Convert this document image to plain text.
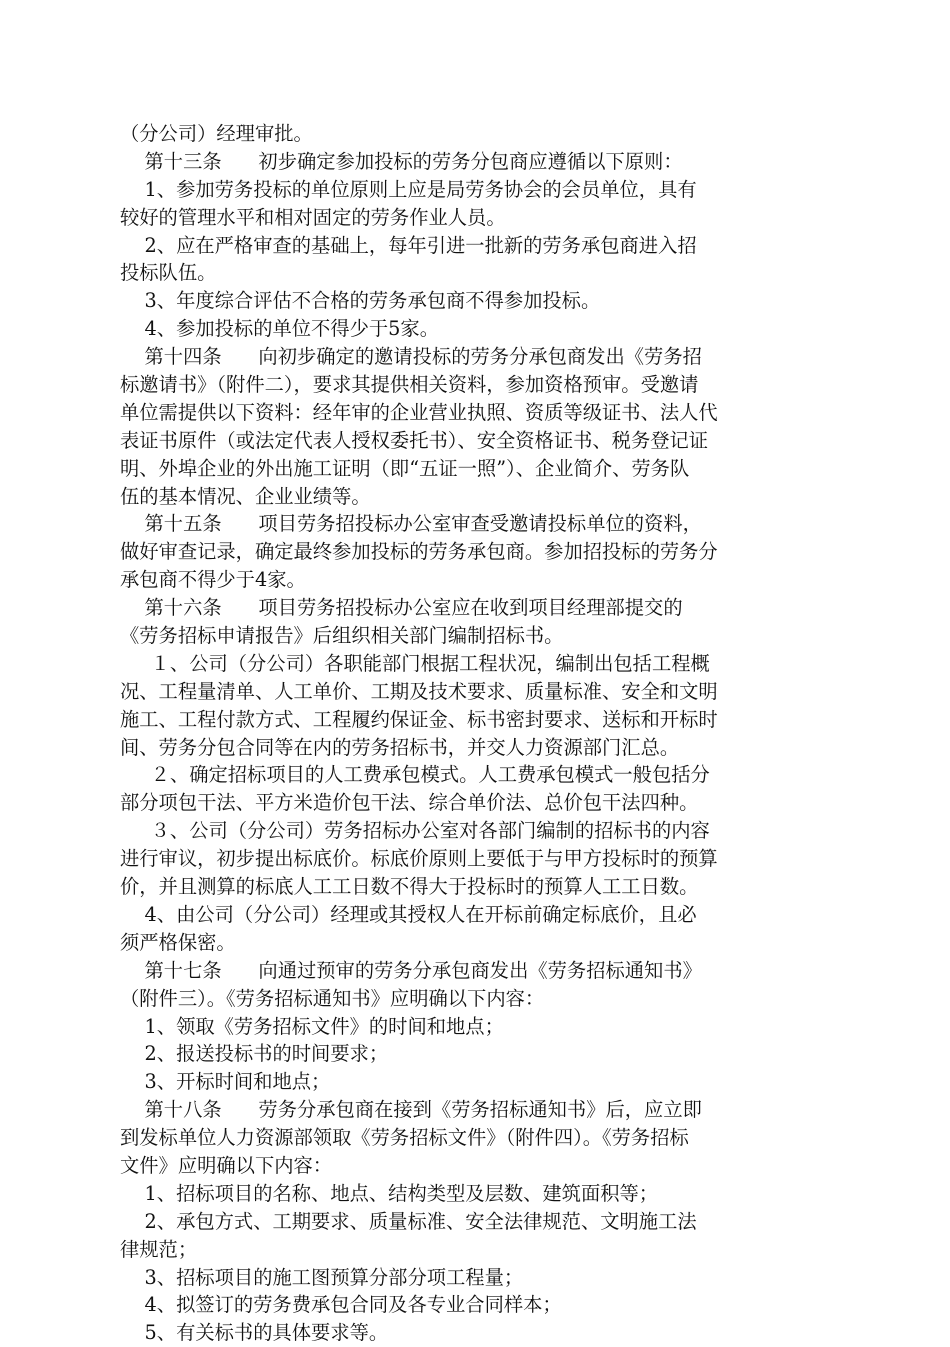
（分公司）经理审批。
第十三条      初步确定参加投标的劳务分包商应遵循以下原则：
1、参加劳务投标的单位原则上应是局劳务协会的会员单位，具有
较好的管理水平和相对固定的劳务作业人员。
2、应在严格审查的基础上，每年引进一批新的劳务承包商进入招
投标队伍。
3、年度综合评估不合格的劳务承包商不得参加投标。
4、参加投标的单位不得少于5家。
第十四条      向初步确定的邀请投标的劳务分承包商发出《劳务招
标邀请书》（附件二），要求其提供相关资料，参加资格预审。受邀请
单位需提供以下资料：经年审的企业营业执照、资质等级证书、法人代
表证书原件（或法定代表人授权委托书）、安全资格证书、税务登记证
明、外埠企业的外出施工证明（即“五证一照”）、企业简介、劳务队
伍的基本情况、企业业绩等。
第十五条      项目劳务招投标办公室审查受邀请投标单位的资料，
做好审查记录，确定最终参加投标的劳务承包商。参加招投标的劳务分
承包商不得少于4家。
第十六条      项目劳务招投标办公室应在收到项目经理部提交的
《劳务招标申请报告》后组织相关部门编制招标书。
１、公司（分公司）各职能部门根据工程状况，编制出包括工程概
况、工程量清单、人工单价、工期及技术要求、质量标准、安全和文明
施工、工程付款方式、工程履约保证金、标书密封要求、送标和开标时
间、劳务分包合同等在内的劳务招标书，并交人力资源部门汇总。
２、确定招标项目的人工费承包模式。人工费承包模式一般包括分
部分项包干法、平方米造价包干法、综合单价法、总价包干法四种。
３、公司（分公司）劳务招标办公室对各部门编制的招标书的内容
进行审议，初步提出标底价。标底价原则上要低于与甲方投标时的预算
价，并且测算的标底人工工日数不得大于投标时的预算人工工日数。
4、由公司（分公司）经理或其授权人在开标前确定标底价，且必
须严格保密。
第十七条      向通过预审的劳务分承包商发出《劳务招标通知书》
（附件三）。《劳务招标通知书》应明确以下内容：
1、领取《劳务招标文件》的时间和地点；
2、报送投标书的时间要求；
3、开标时间和地点；
第十八条      劳务分承包商在接到《劳务招标通知书》后，应立即
到发标单位人力资源部领取《劳务招标文件》（附件四）。《劳务招标
文件》应明确以下内容：
1、招标项目的名称、地点、结构类型及层数、建筑面积等；
2、承包方式、工期要求、质量标准、安全法律规范、文明施工法
律规范；
3、招标项目的施工图预算分部分项工程量；
4、拟签订的劳务费承包合同及各专业合同样本；
5、有关标书的具体要求等。
